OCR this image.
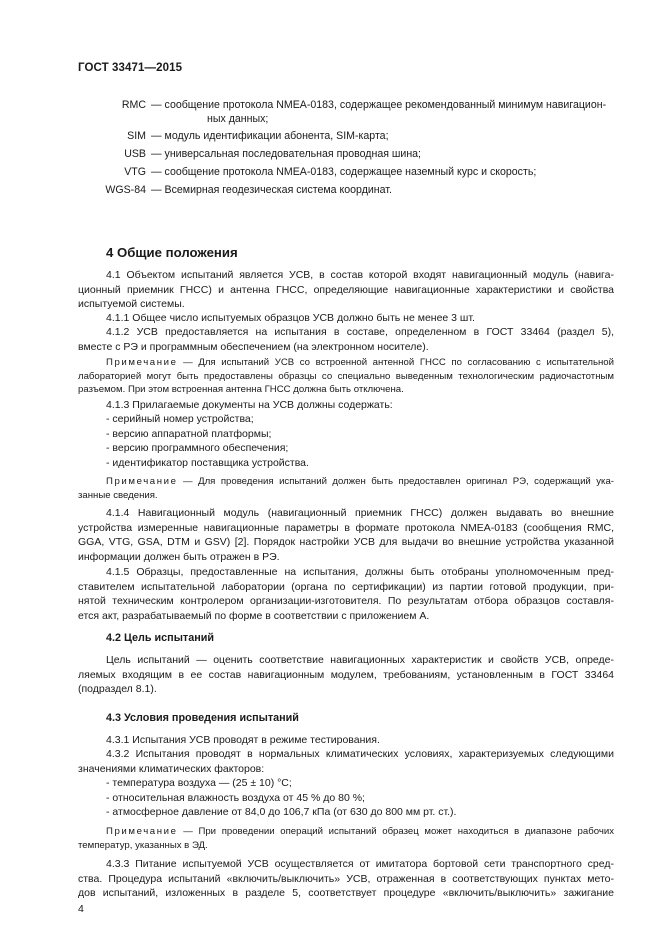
ГОСТ 33471—2015
RMC — сообщение протокола NMEA-0183, содержащее рекомендованный минимум навигацион-
ных данных;
SIM — модуль идентификации абонента, SIM-карта;
USB — универсальная последовательная проводная шина;
VTG — сообщение протокола NMEA-0183, содержащее наземный курс и скорость;
WGS-84 — Всемирная геодезическая система координат.
4 Общие положения
4.1 Объектом испытаний является УСВ, в состав которой входят навигационный модуль (навига-
ционный приемник ГНСС) и антенна ГНСС, определяющие навигационные характеристики и свойства
испытуемой системы.
4.1.1 Общее число испытуемых образцов УСВ должно быть не менее 3 шт.
4.1.2 УСВ предоставляется на испытания в составе, определенном в ГОСТ 33464 (раздел 5),
вместе с РЭ и программным обеспечением (на электронном носителе).
Примечание — Для испытаний УСВ со встроенной антенной ГНСС по согласованию с испытательной
лабораторией могут быть предоставлены образцы со специально выведенным технологическим радиочастотным
разъемом. При этом встроенная антенна ГНСС должна быть отключена.
4.1.3 Прилагаемые документы на УСВ должны содержать:
- серийный номер устройства;
- версию аппаратной платформы;
- версию программного обеспечения;
- идентификатор поставщика устройства.
Примечание — Для проведения испытаний должен быть предоставлен оригинал РЭ, содержащий ука-
занные сведения.
4.1.4 Навигационный модуль (навигационный приемник ГНСС) должен выдавать во внешние
устройства измеренные навигационные параметры в формате протокола NMEA-0183 (сообщения RMC,
GGA, VTG, GSA, DTM и GSV) [2]. Порядок настройки УСВ для выдачи во внешние устройства указанной
информации должен быть отражен в РЭ.
4.1.5 Образцы, предоставленные на испытания, должны быть отобраны уполномоченным пред-
ставителем испытательной лаборатории (органа по сертификации) из партии готовой продукции, при-
нятой техническим контролером организации-изготовителя. По результатам отбора образцов составля-
ется акт, разрабатываемый по форме в соответствии с приложением А.
4.2 Цель испытаний
Цель испытаний — оценить соответствие навигационных характеристик и свойств УСВ, опреде-
ляемых входящим в ее состав навигационным модулем, требованиям, установленным в ГОСТ 33464
(подраздел 8.1).
4.3 Условия проведения испытаний
4.3.1 Испытания УСВ проводят в режиме тестирования.
4.3.2 Испытания проводят в нормальных климатических условиях, характеризуемых следующими
значениями климатических факторов:
- температура воздуха — (25 ± 10) °С;
- относительная влажность воздуха от 45 % до 80 %;
- атмосферное давление от 84,0 до 106,7 кПа (от 630 до 800 мм рт. ст.).
Примечание — При проведении операций испытаний образец может находиться в диапазоне рабочих
температур, указанных в ЭД.
4.3.3 Питание испытуемой УСВ осуществляется от имитатора бортовой сети транспортного сред-
ства. Процедура испытаний «включить/выключить» УСВ, отраженная в соответствующих пунктах мето-
дов испытаний, изложенных в разделе 5, соответствует процедуре «включить/выключить» зажигание
4
